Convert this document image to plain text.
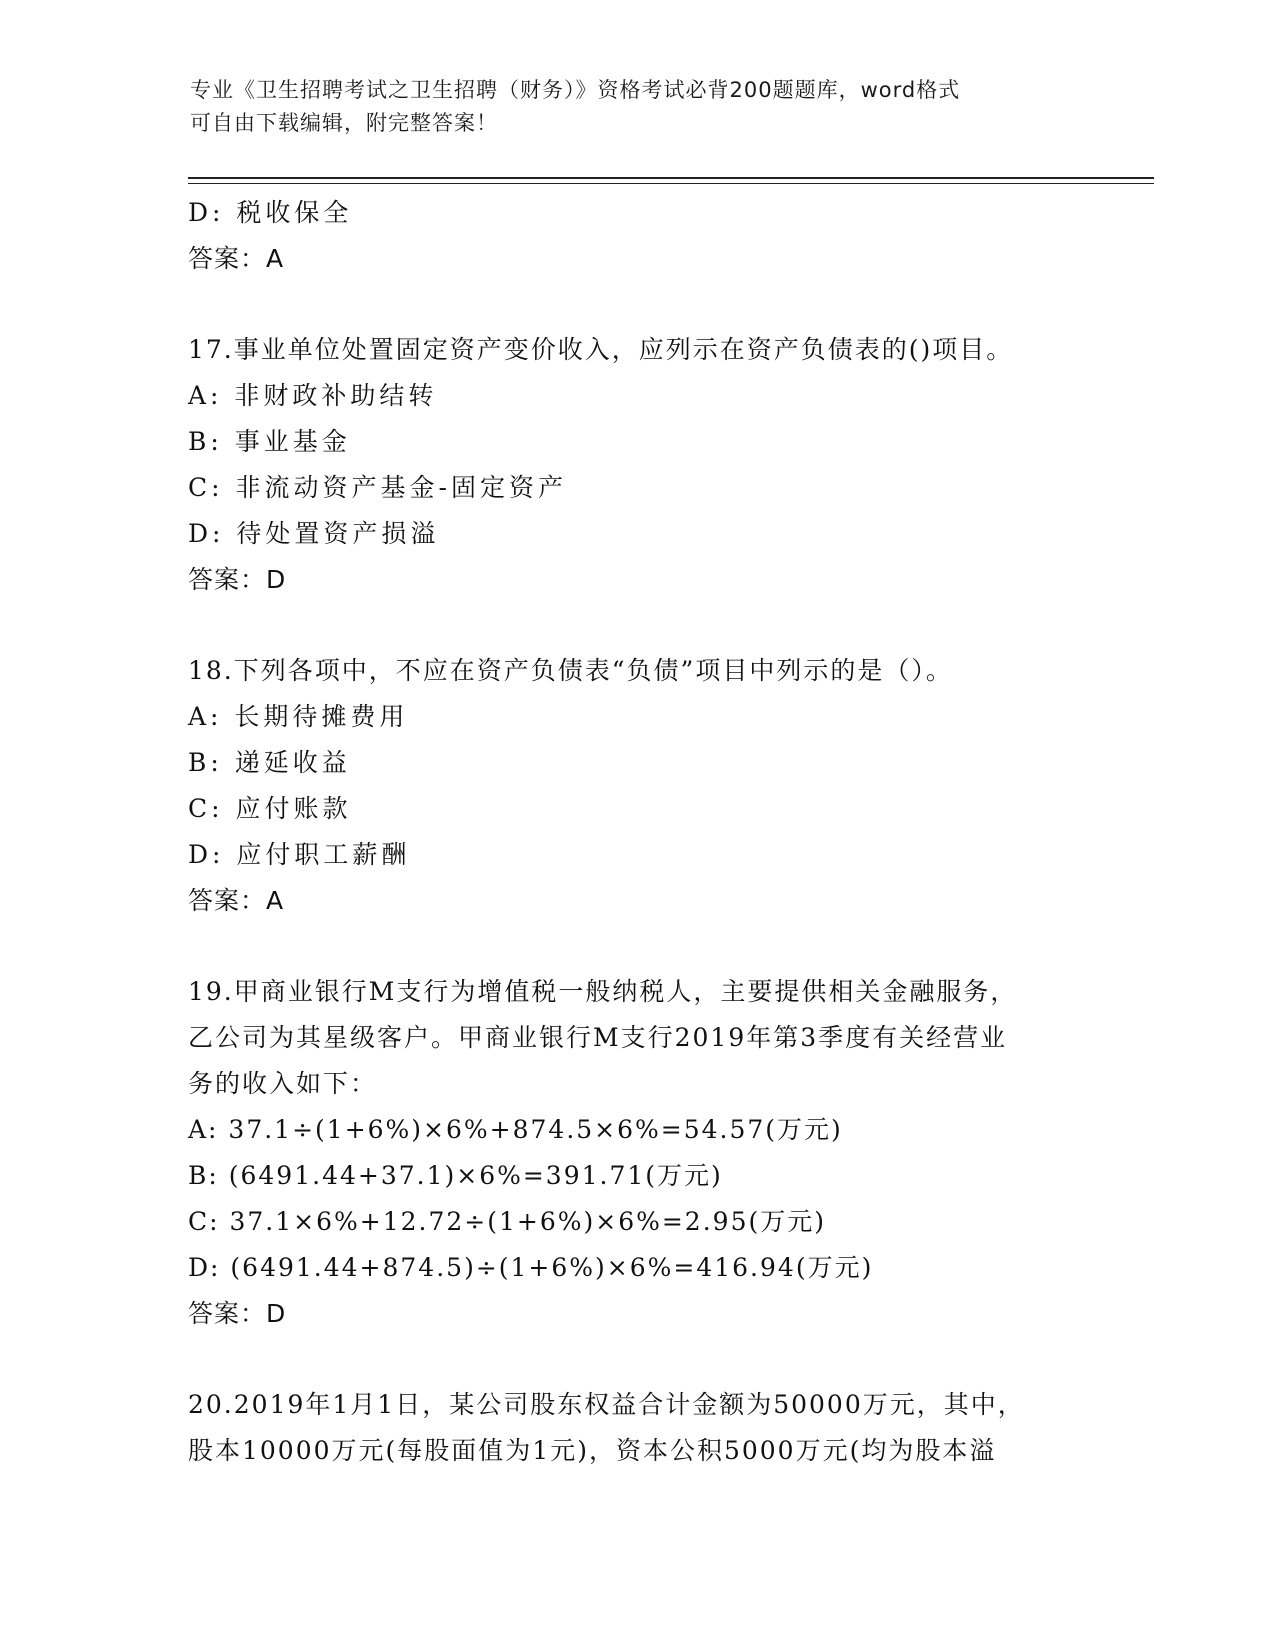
专业《卫生招聘考试之卫生招聘（财务）》资格考试必背200题题库，word格式
可自由下载编辑，附完整答案！
D: 税收保全
答案：A
17.事业单位处置固定资产变价收入，应列示在资产负债表的()项目。
A: 非财政补助结转
B: 事业基金
C: 非流动资产基金-固定资产
D: 待处置资产损溢
答案：D
18.下列各项中，不应在资产负债表“负债”项目中列示的是（）。
A: 长期待摊费用
B: 递延收益
C: 应付账款
D: 应付职工薪酬
答案：A
19.甲商业银行M支行为增值税一般纳税人，主要提供相关金融服务，
乙公司为其星级客户。甲商业银行M支行2019年第3季度有关经营业
务的收入如下：
A: 37.1÷(1+6%)×6%+874.5×6%=54.57(万元)
B: (6491.44+37.1)×6%=391.71(万元)
C: 37.1×6%+12.72÷(1+6%)×6%=2.95(万元)
D: (6491.44+874.5)÷(1+6%)×6%=416.94(万元)
答案：D
20.2019年1月1日，某公司股东权益合计金额为50000万元，其中，
股本10000万元(每股面值为1元)，资本公积5000万元(均为股本溢
